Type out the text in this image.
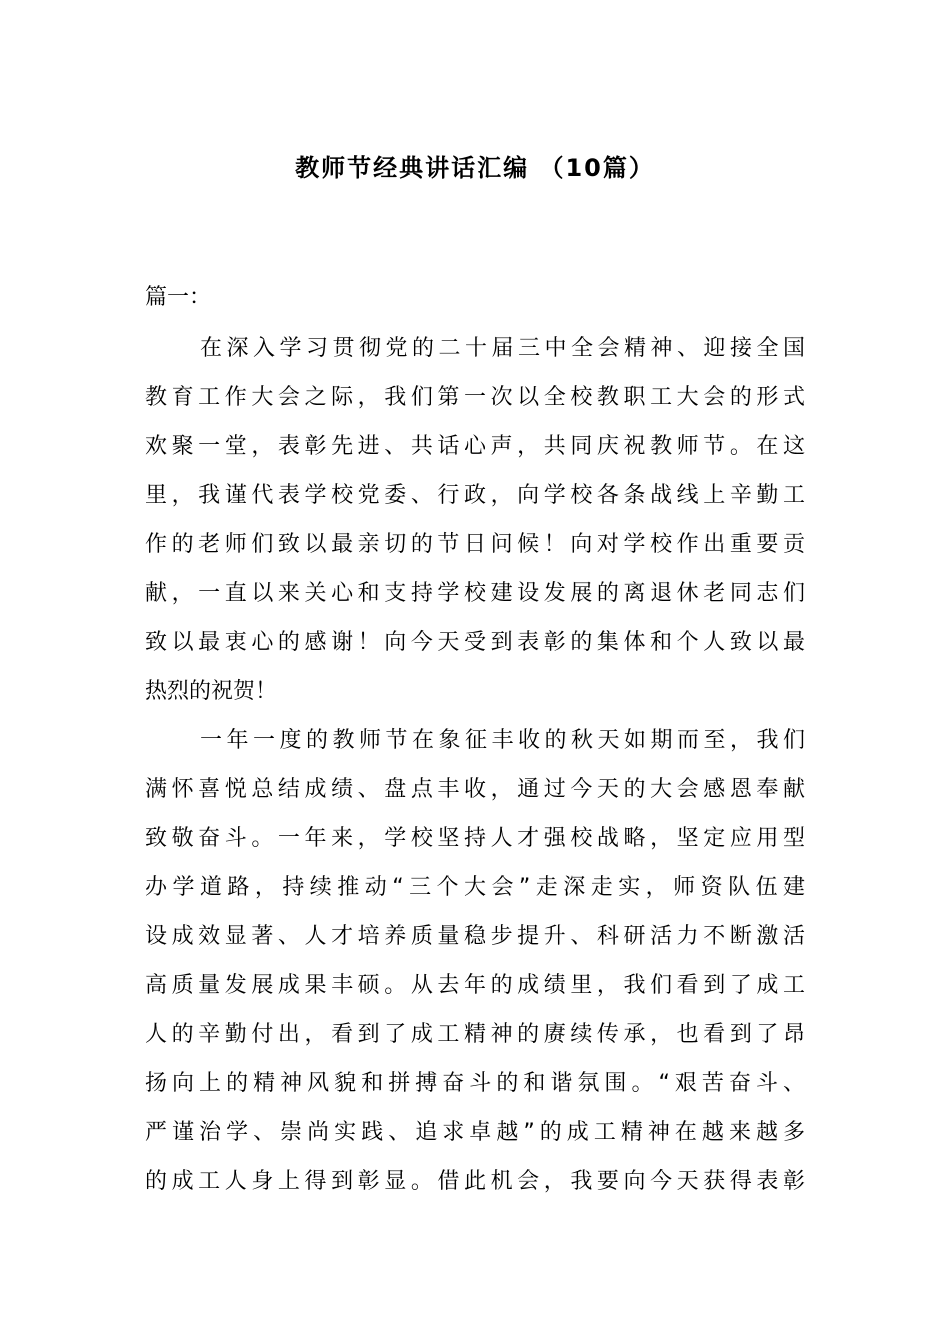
教师节经典讲话汇编 （10篇）
篇一：
在深入学习贯彻党的二十届三中全会精神、迎接全国
教育工作大会之际，我们第一次以全校教职工大会的形式
欢聚一堂，表彰先进、共话心声，共同庆祝教师节。在这
里，我谨代表学校党委、行政，向学校各条战线上辛勤工
作的老师们致以最亲切的节日问候！向对学校作出重要贡
献，一直以来关心和支持学校建设发展的离退休老同志们
致以最衷心的感谢！向今天受到表彰的集体和个人致以最
热烈的祝贺！
一年一度的教师节在象征丰收的秋天如期而至，我们
满怀喜悦总结成绩、盘点丰收，通过今天的大会感恩奉献
致敬奋斗。一年来，学校坚持人才强校战略，坚定应用型
办学道路，持续推动“三个大会”走深走实，师资队伍建
设成效显著、人才培养质量稳步提升、科研活力不断激活
高质量发展成果丰硕。从去年的成绩里，我们看到了成工
人的辛勤付出，看到了成工精神的赓续传承，也看到了昂
扬向上的精神风貌和拼搏奋斗的和谐氛围。“艰苦奋斗、
严谨治学、崇尚实践、追求卓越”的成工精神在越来越多
的成工人身上得到彰显。借此机会，我要向今天获得表彰
